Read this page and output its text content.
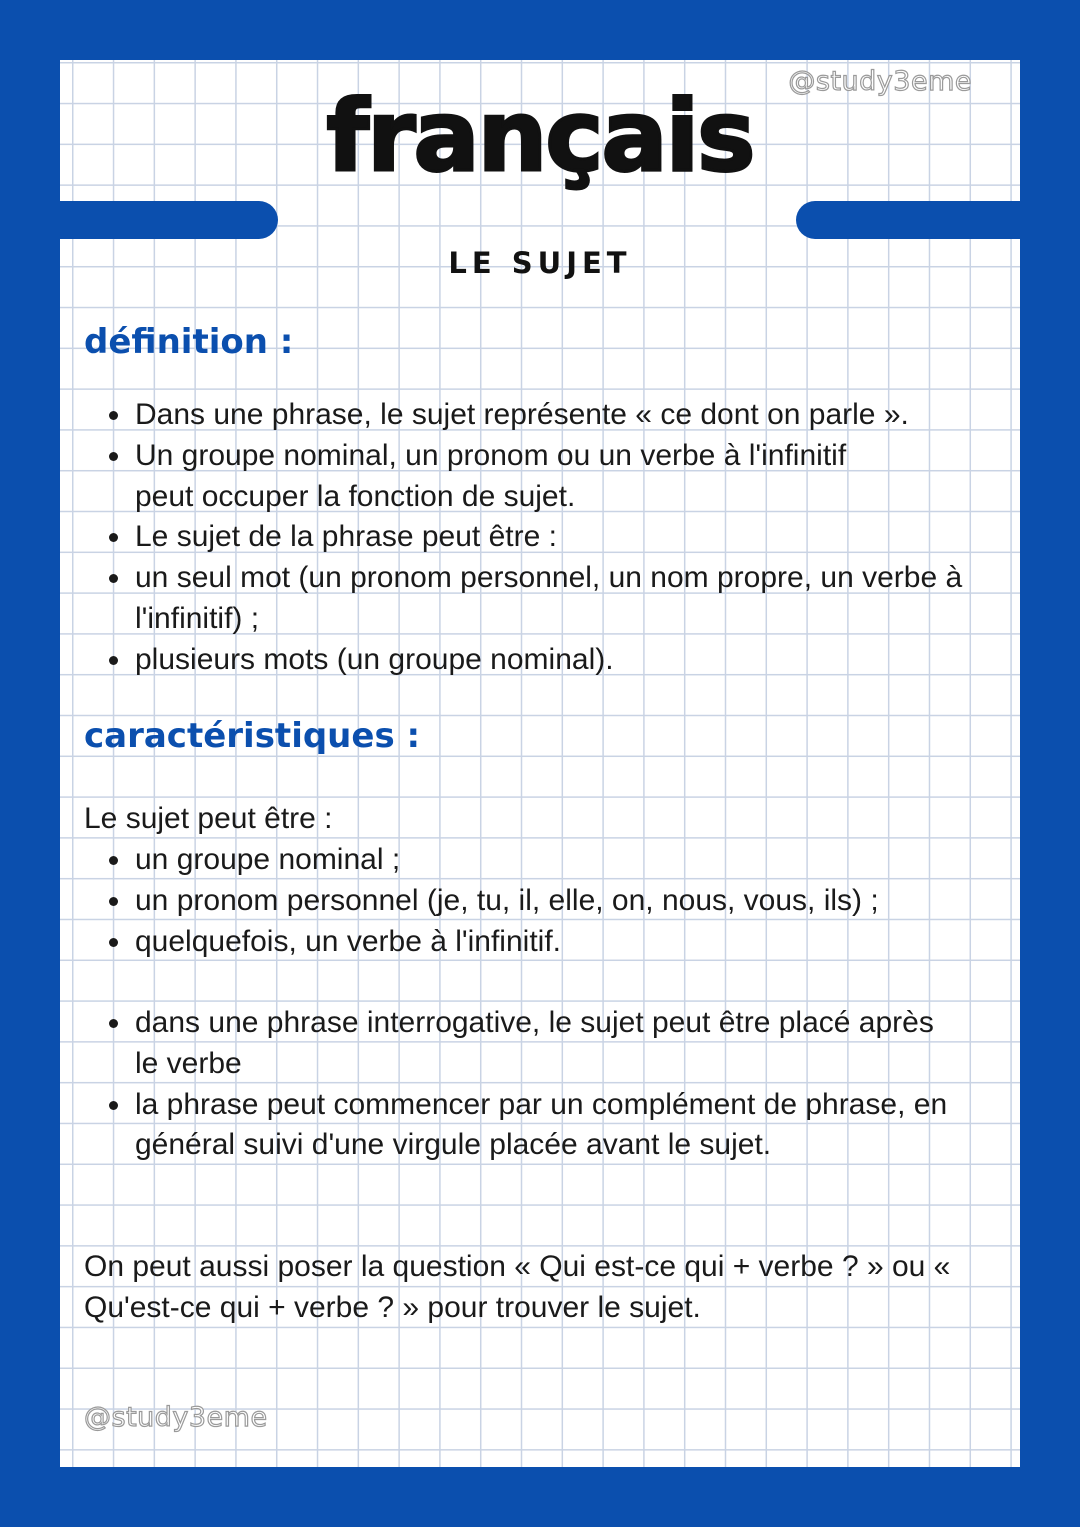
@study3eme
français
LE SUJET
définition :
Dans une phrase, le sujet représente « ce dont on parle ».
Un groupe nominal, un pronom ou un verbe à l'infinitif peut occuper la fonction de sujet.
Le sujet de la phrase peut être :
un seul mot (un pronom personnel, un nom propre, un verbe à l'infinitif) ;
plusieurs mots (un groupe nominal).
caractéristiques :
Le sujet peut être :
un groupe nominal ;
un pronom personnel (je, tu, il, elle, on, nous, vous, ils) ;
quelquefois, un verbe à l'infinitif.
dans une phrase interrogative, le sujet peut être placé après le verbe
la phrase peut commencer par un complément de phrase, en général suivi d'une virgule placée avant le sujet.

On peut aussi poser la question « Qui est-ce qui + verbe ? » ou « Qu'est-ce qui + verbe ? » pour trouver le sujet.

@study3eme
